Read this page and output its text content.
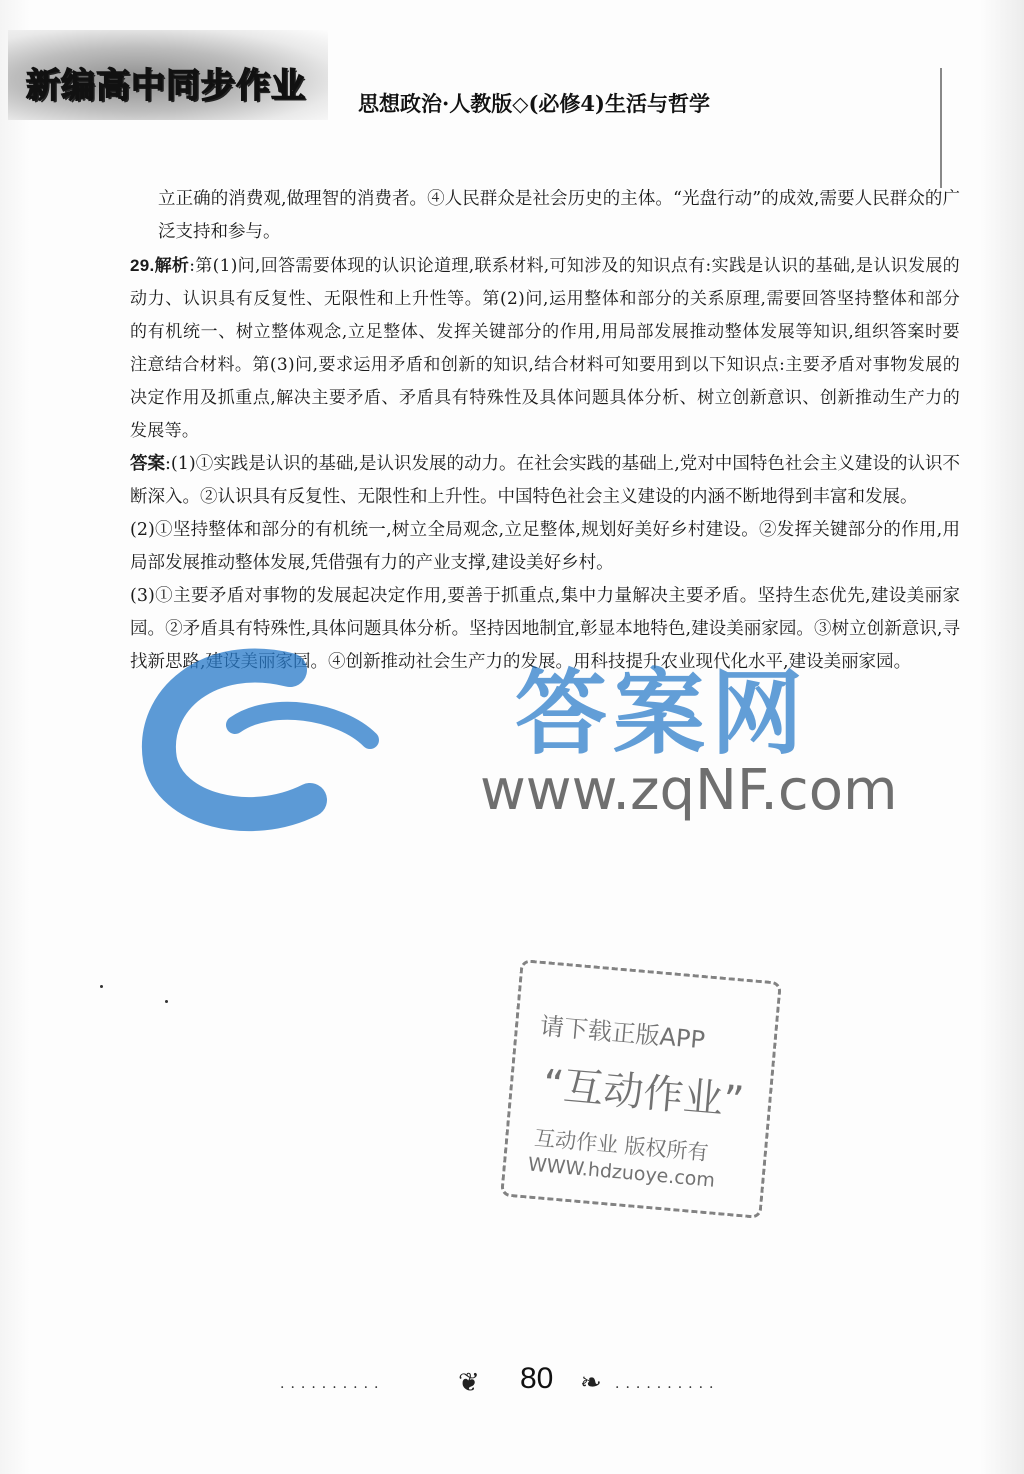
新编高中同步作业 思想政治·人教版◇(必修4)生活与哲学

立正确的消费观,做理智的消费者。④人民群众是社会历史的主体。“光盘行动”的成效,需要人民群众的广泛支持和参与。

29.解析:第(1)问,回答需要体现的认识论道理,联系材料,可知涉及的知识点有:实践是认识的基础,是认识发展的动力、认识具有反复性、无限性和上升性等。第(2)问,运用整体和部分的关系原理,需要回答坚持整体和部分的有机统一、树立整体观念,立足整体、发挥关键部分的作用,用局部发展推动整体发展等知识,组织答案时要注意结合材料。第(3)问,要求运用矛盾和创新的知识,结合材料可知要用到以下知识点:主要矛盾对事物发展的决定作用及抓重点,解决主要矛盾、矛盾具有特殊性及具体问题具体分析、树立创新意识、创新推动生产力的发展等。

答案:(1)①实践是认识的基础,是认识发展的动力。在社会实践的基础上,党对中国特色社会主义建设的认识不断深入。②认识具有反复性、无限性和上升性。中国特色社会主义建设的内涵不断地得到丰富和发展。

(2)①坚持整体和部分的有机统一,树立全局观念,立足整体,规划好美好乡村建设。②发挥关键部分的作用,用局部发展推动整体发展,凭借强有力的产业支撑,建设美好乡村。

(3)①主要矛盾对事物的发展起决定作用,要善于抓重点,集中力量解决主要矛盾。坚持生态优先,建设美丽家园。②矛盾具有特殊性,具体问题具体分析。坚持因地制宜,彰显本地特色,建设美丽家园。③树立创新意识,寻找新思路,建设美丽家园。④创新推动社会生产力的发展。用科技提升农业现代化水平,建设美丽家园。

答案网
www.zqNF.com
请下载正版APP
“互动作业”
互动作业 版权所有
WWW.hdzuoye.com
··········	❦ 80 ❧ ··········
